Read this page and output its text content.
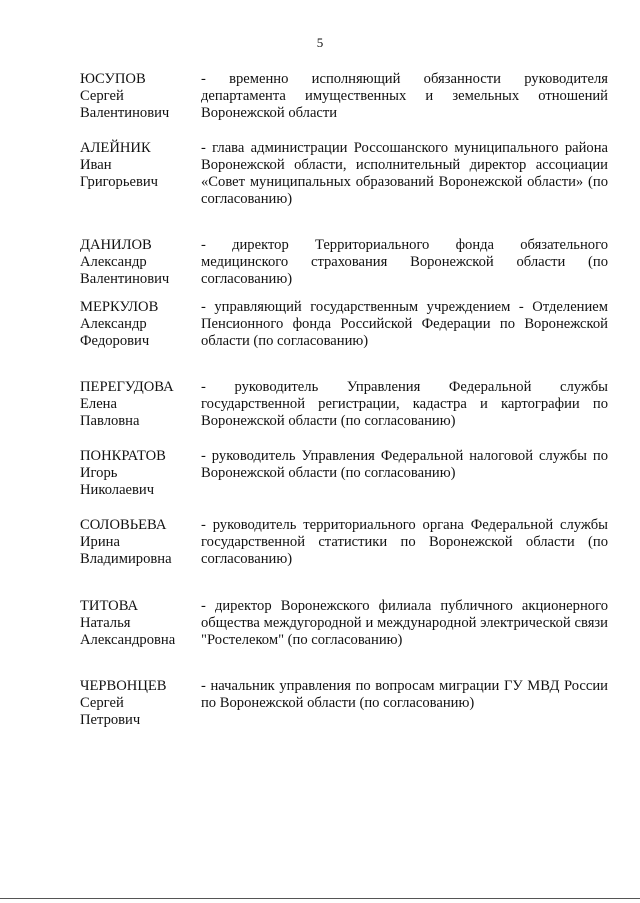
5
ЮСУПОВ
Сергей
Валентинович
- временно исполняющий обязанности руководителя департамента имущественных и земельных отношений Воронежской области
АЛЕЙНИК
Иван
Григорьевич
- глава администрации Россошанского муниципального района Воронежской области, исполнительный директор ассоциации «Совет муниципальных образований Воронежской области» (по согласованию)
ДАНИЛОВ
Александр
Валентинович
- директор Территориального фонда обязательного медицинского страхования Воронежской области (по согласованию)
МЕРКУЛОВ
Александр
Федорович
- управляющий государственным учреждением - Отделением Пенсионного фонда Российской Федерации по Воронежской области (по согласованию)
ПЕРЕГУДОВА
Елена
Павловна
- руководитель Управления Федеральной службы государственной регистрации, кадастра и картографии по Воронежской области (по согласованию)
ПОНКРАТОВ
Игорь
Николаевич
- руководитель Управления Федеральной налоговой службы по Воронежской области (по согласованию)
СОЛОВЬЕВА
Ирина
Владимировна
- руководитель территориального органа Федеральной службы государственной статистики по Воронежской области (по согласованию)
ТИТОВА
Наталья
Александровна
- директор Воронежского филиала публичного акционерного общества междугородной и международной электрической связи "Ростелеком" (по согласованию)
ЧЕРВОНЦЕВ
Сергей
Петрович
- начальник управления по вопросам миграции ГУ МВД России по Воронежской области (по согласованию)
